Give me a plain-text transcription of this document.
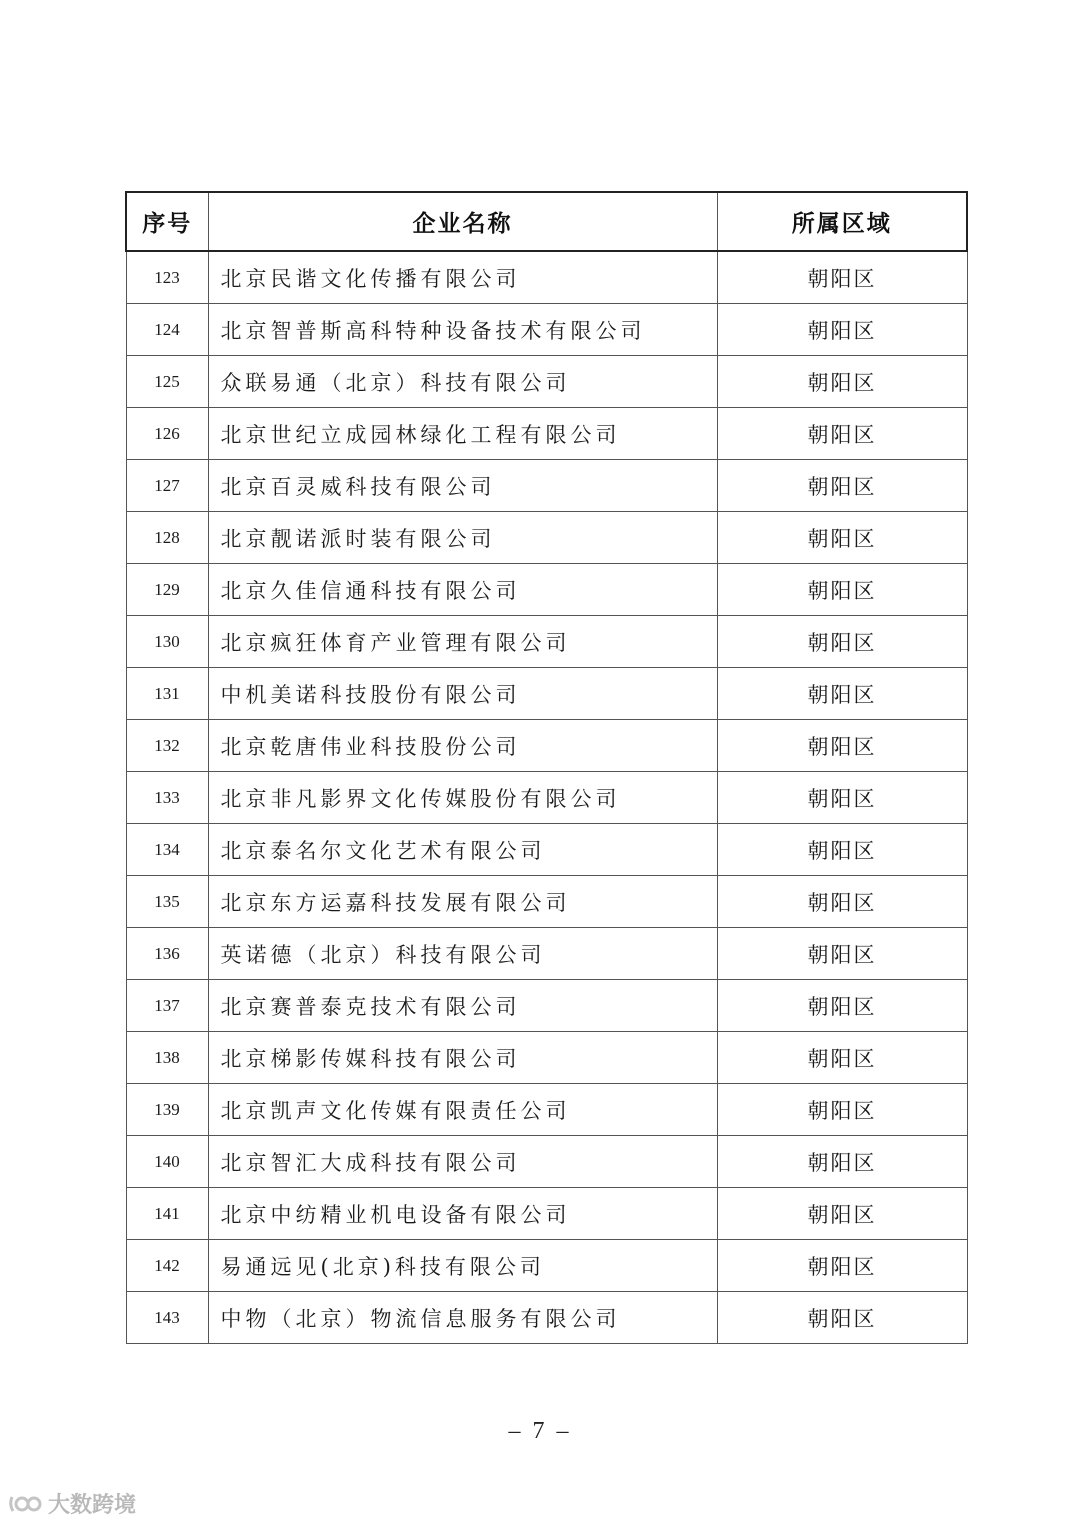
序号	企业名称	所属区域
123	北京民谐文化传播有限公司	朝阳区
124	北京智普斯高科特种设备技术有限公司	朝阳区
125	众联易通（北京）科技有限公司	朝阳区
126	北京世纪立成园林绿化工程有限公司	朝阳区
127	北京百灵威科技有限公司	朝阳区
128	北京靓诺派时装有限公司	朝阳区
129	北京久佳信通科技有限公司	朝阳区
130	北京疯狂体育产业管理有限公司	朝阳区
131	中机美诺科技股份有限公司	朝阳区
132	北京乾唐伟业科技股份公司	朝阳区
133	北京非凡影界文化传媒股份有限公司	朝阳区
134	北京泰名尔文化艺术有限公司	朝阳区
135	北京东方运嘉科技发展有限公司	朝阳区
136	英诺德（北京）科技有限公司	朝阳区
137	北京赛普泰克技术有限公司	朝阳区
138	北京梯影传媒科技有限公司	朝阳区
139	北京凯声文化传媒有限责任公司	朝阳区
140	北京智汇大成科技有限公司	朝阳区
141	北京中纺精业机电设备有限公司	朝阳区
142	易通远见(北京)科技有限公司	朝阳区
143	中物（北京）物流信息服务有限公司	朝阳区
– 7 –
大数跨境
